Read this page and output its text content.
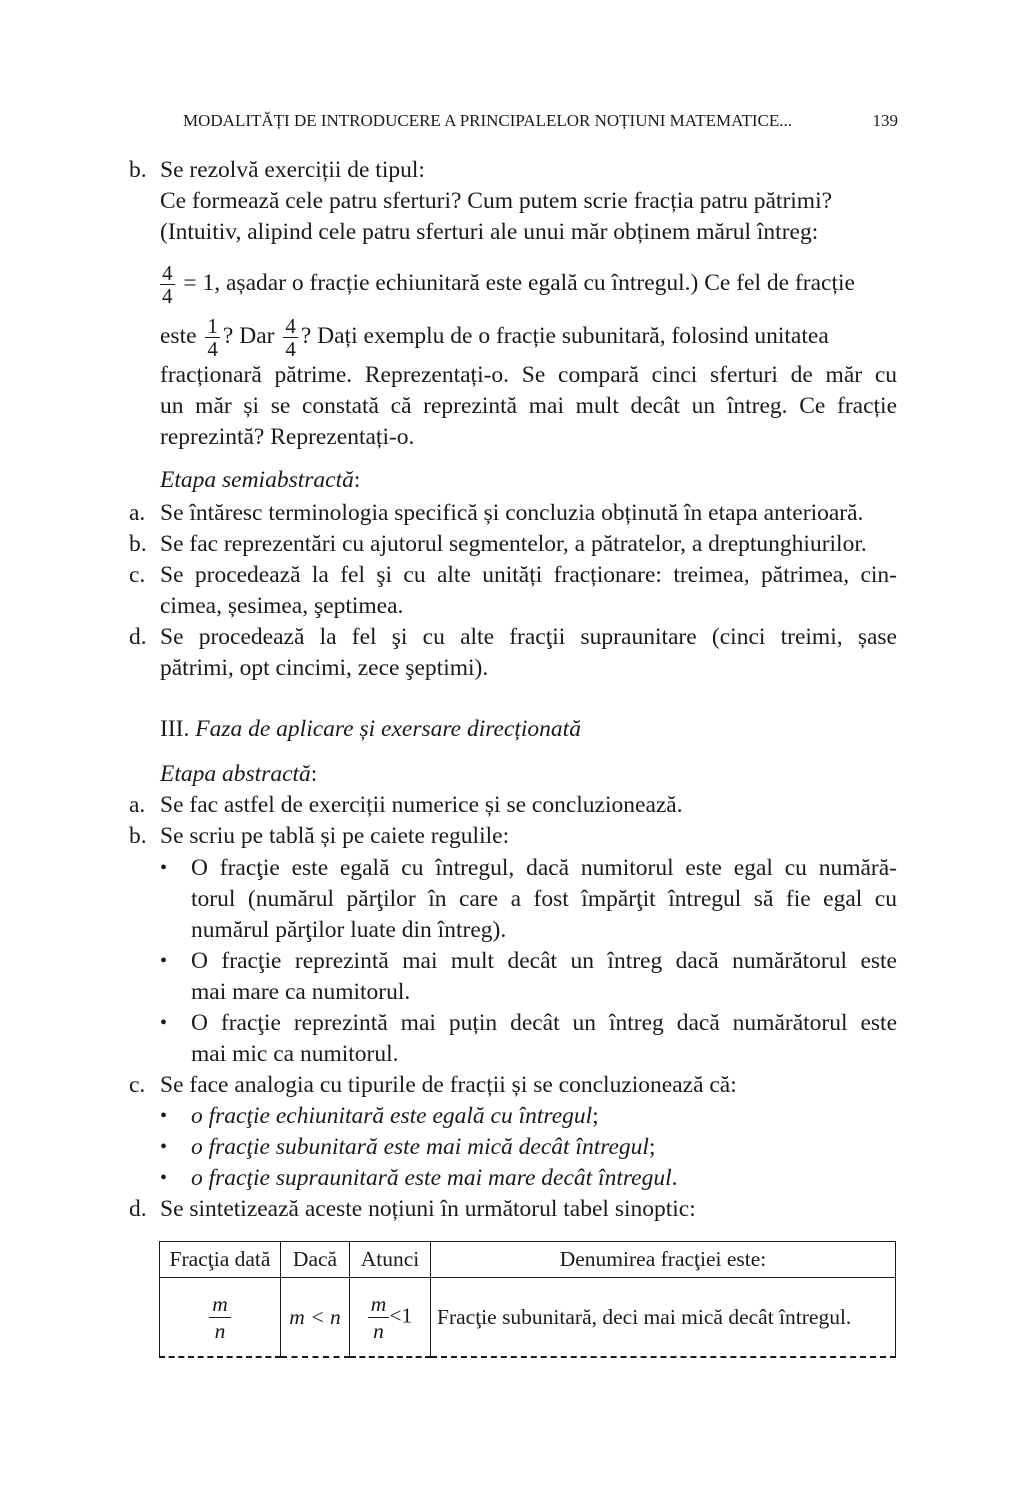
MODALITĂȚI DE INTRODUCERE A PRINCIPALELOR NOȚIUNI MATEMATICE...	139
b. Se rezolvă exerciții de tipul:
Ce formează cele patru sferturi? Cum putem scrie fracția patru pătrimi?
(Intuitiv, alipind cele patru sferturi ale unui măr obținem mărul întreg:
$\frac{4}{4} = 1$, așadar o fracție echiunitară este egală cu întregul.) Ce fel de fracție
este $\frac{1}{4}$ ? Dar $\frac{4}{4}$ ? Dați exemplu de o fracție subunitară, folosind unitatea
fracționară pătrime. Reprezentați-o. Se compară cinci sferturi de măr cu
un măr și se constată că reprezintă mai mult decât un întreg. Ce fracție
reprezintă? Reprezentați-o.
Etapa semiabstractă:
a. Se întăresc terminologia specifică și concluzia obținută în etapa anterioară.
b. Se fac reprezentări cu ajutorul segmentelor, a pătratelor, a dreptunghiurilor.
c. Se procedează la fel şi cu alte unități fracționare: treimea, pătrimea, cin-
cimea, șesimea, şeptimea.
d. Se procedează la fel şi cu alte fracţii supraunitare (cinci treimi, șase
pătrimi, opt cincimi, zece şeptimi).
III. Faza de aplicare și exersare direcționată
Etapa abstractă:
a. Se fac astfel de exerciții numerice și se concluzionează.
b. Se scriu pe tablă și pe caiete regulile:
• O fracţie este egală cu întregul, dacă numitorul este egal cu numără-
torul (numărul părţilor în care a fost împărţit întregul să fie egal cu
numărul părţilor luate din întreg).
• O fracţie reprezintă mai mult decât un întreg dacă numărătorul este
mai mare ca numitorul.
• O fracţie reprezintă mai puțin decât un întreg dacă numărătorul este
mai mic ca numitorul.
c. Se face analogia cu tipurile de fracții și se concluzionează că:
• o fracţie echiunitară este egală cu întregul;
• o fracţie subunitară este mai mică decât întregul;
• o fracţie supraunitară este mai mare decât întregul.
d. Se sintetizează aceste noțiuni în următorul tabel sinoptic:
Fracţia dată	Dacă	Atunci	Denumirea fracţiei este:

$\frac{m}{n}$	m < n	$\frac{m}{n} <1$	Fracţie subunitară, deci mai mică decât întregul.
